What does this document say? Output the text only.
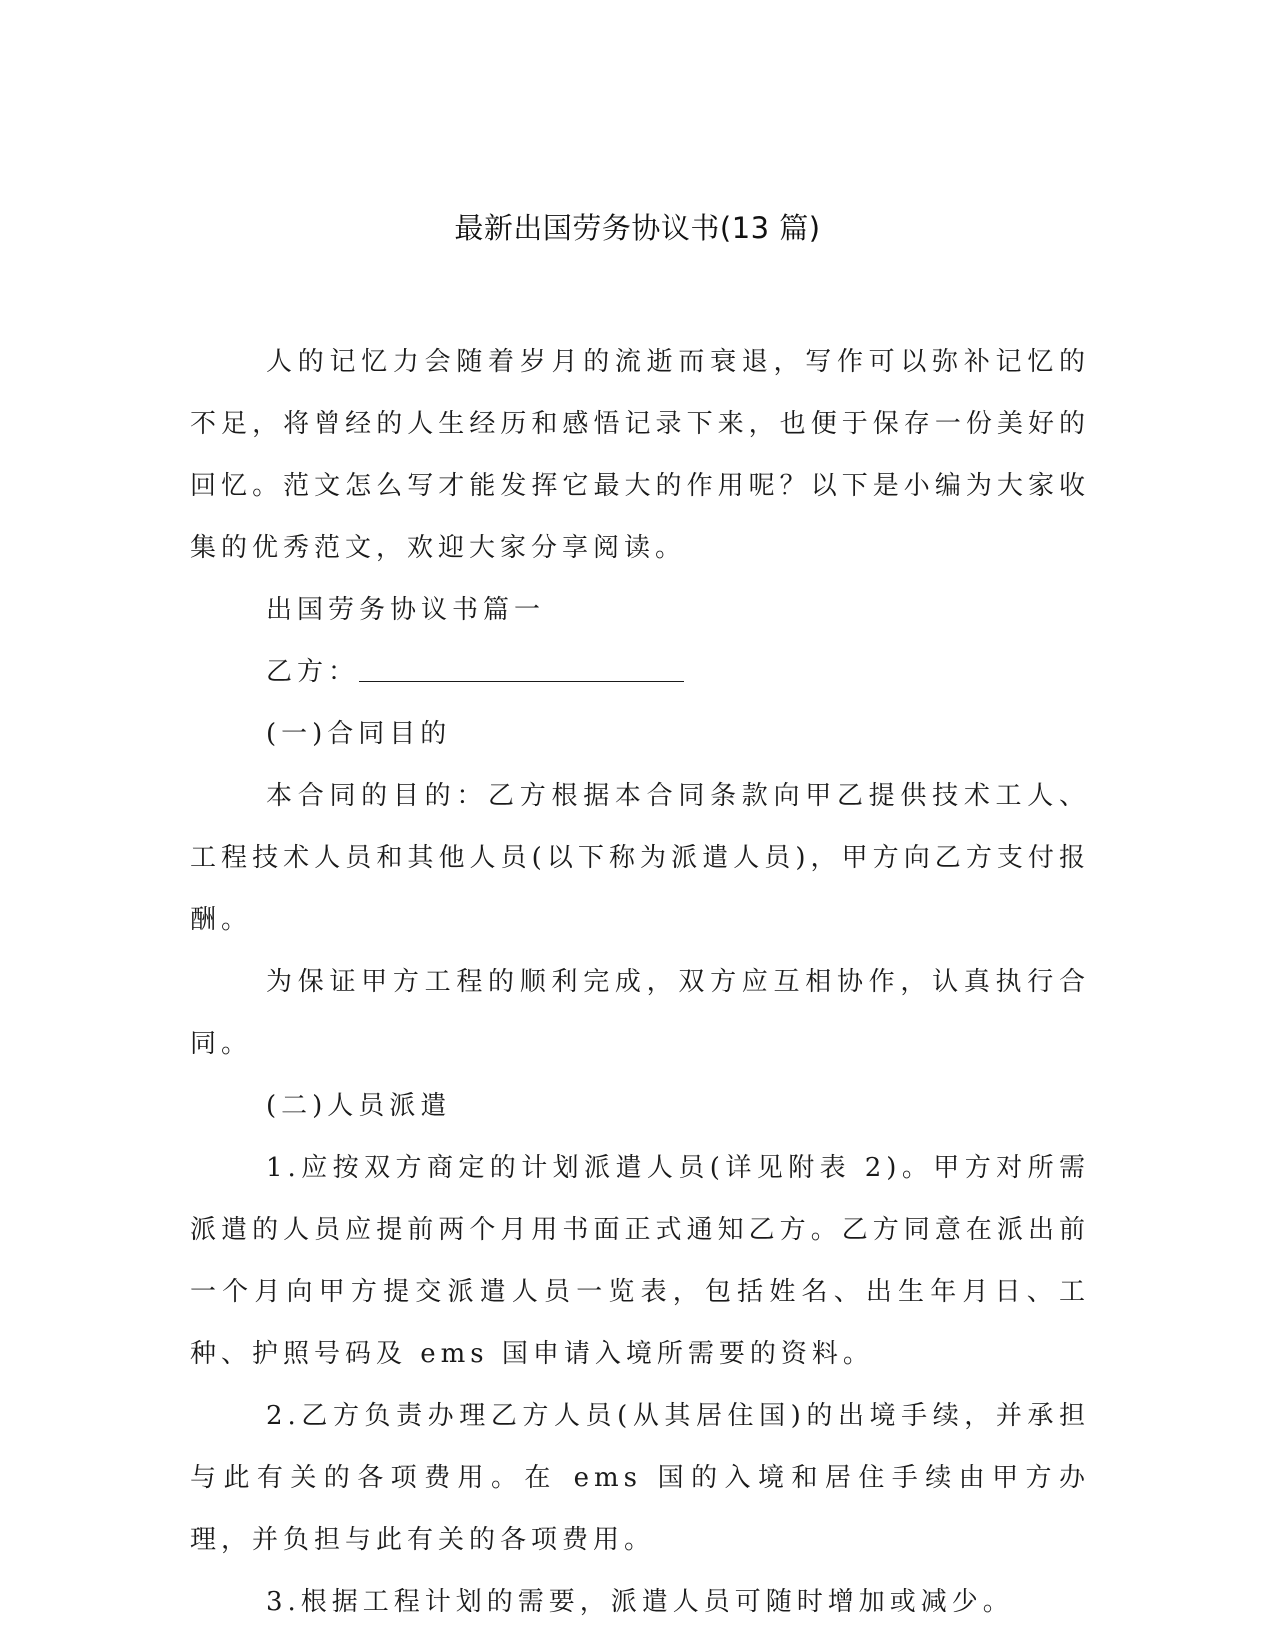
最新出国劳务协议书(13 篇)

人的记忆力会随着岁月的流逝而衰退，写作可以弥补记忆的不足，将曾经的人生经历和感悟记录下来，也便于保存一份美好的回忆。范文怎么写才能发挥它最大的作用呢？以下是小编为大家收集的优秀范文，欢迎大家分享阅读。

出国劳务协议书篇一

乙方：

(一)合同目的

本合同的目的：乙方根据本合同条款向甲乙提供技术工人、工程技术人员和其他人员(以下称为派遣人员)，甲方向乙方支付报酬。

为保证甲方工程的顺利完成，双方应互相协作，认真执行合同。

(二)人员派遣

1.应按双方商定的计划派遣人员(详见附表 2)。甲方对所需派遣的人员应提前两个月用书面正式通知乙方。乙方同意在派出前一个月向甲方提交派遣人员一览表，包括姓名、出生年月日、工种、护照号码及 ems 国申请入境所需要的资料。

2.乙方负责办理乙方人员(从其居住国)的出境手续，并承担与此有关的各项费用。在 ems 国的入境和居住手续由甲方办理，并负担与此有关的各项费用。

3.根据工程计划的需要，派遣人员可随时增加或减少。
